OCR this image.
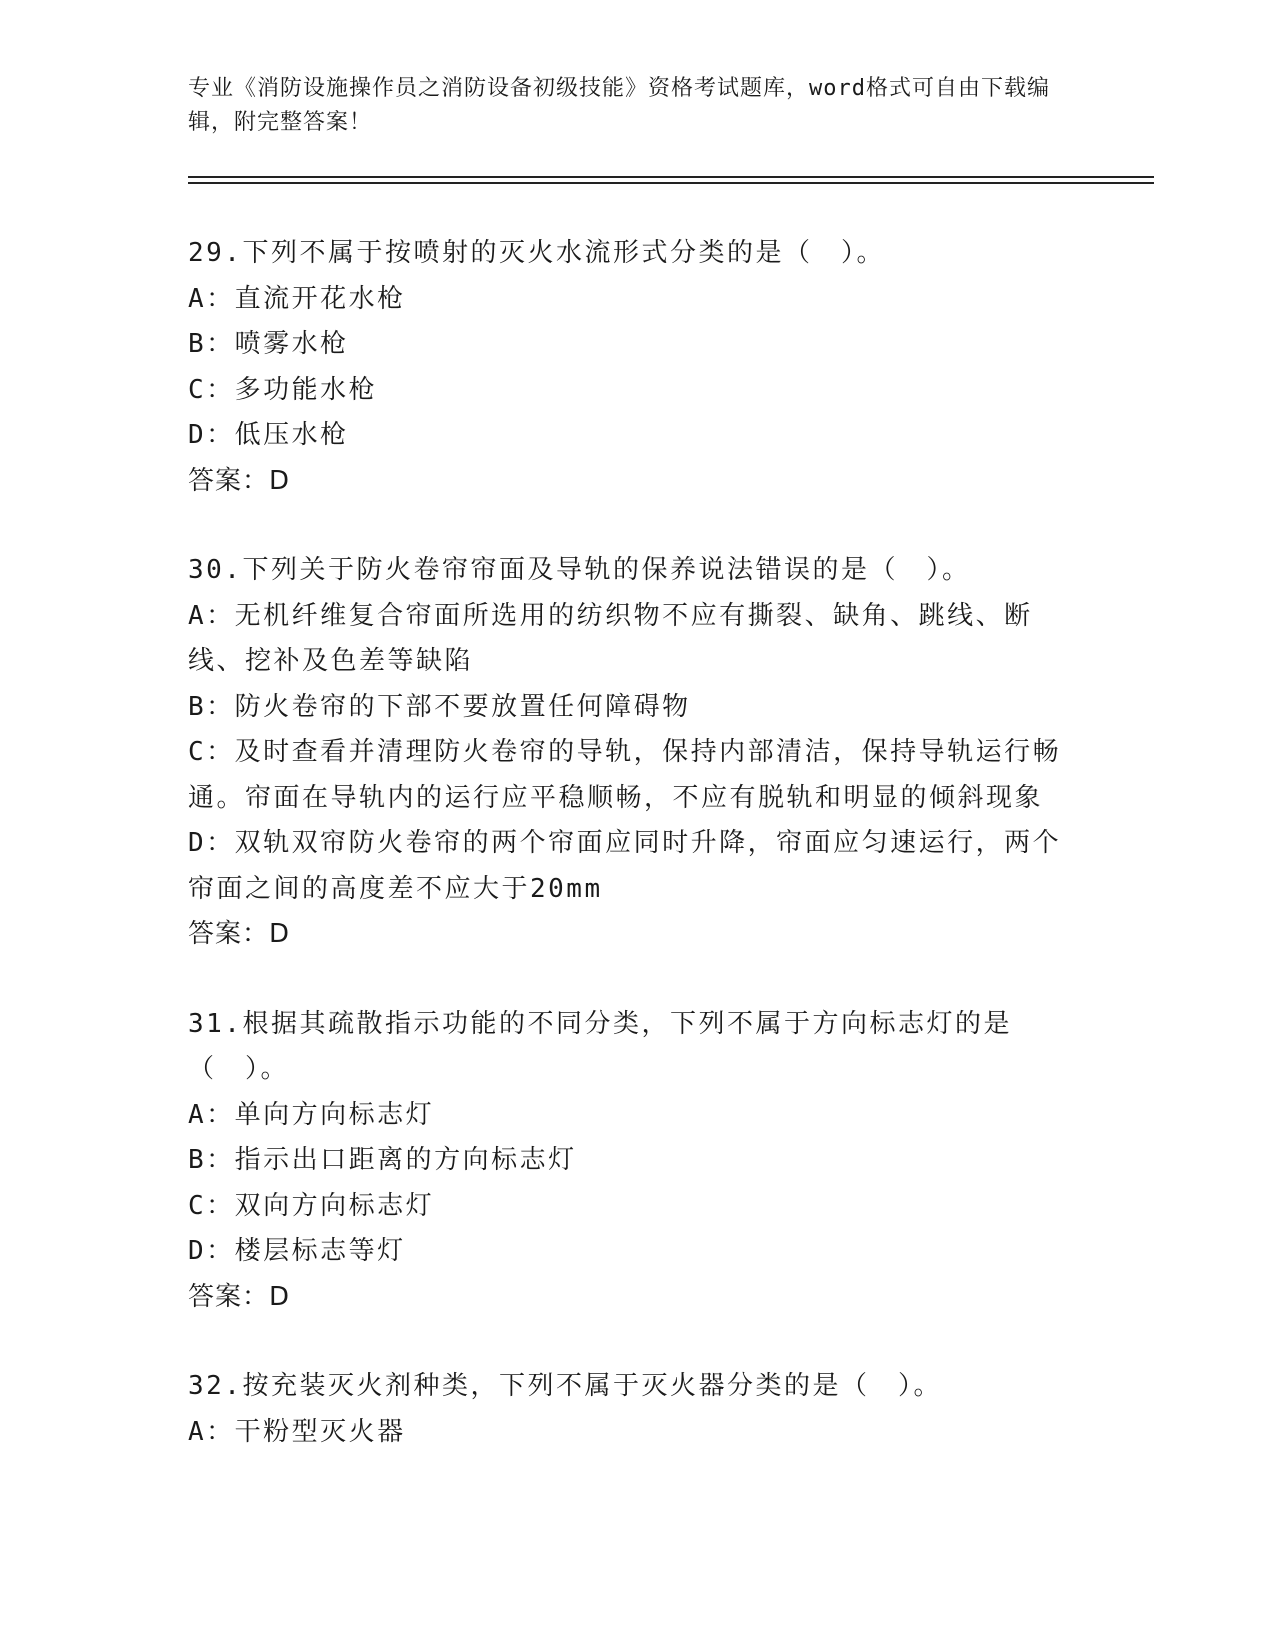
专业《消防设施操作员之消防设备初级技能》资格考试题库，word格式可自由下载编辑，附完整答案！
29.下列不属于按喷射的灭火水流形式分类的是（　）。
A：直流开花水枪
B：喷雾水枪
C：多功能水枪
D：低压水枪
答案：D
30.下列关于防火卷帘帘面及导轨的保养说法错误的是（　）。
A：无机纤维复合帘面所选用的纺织物不应有撕裂、缺角、跳线、断线、挖补及色差等缺陷
B：防火卷帘的下部不要放置任何障碍物
C：及时查看并清理防火卷帘的导轨，保持内部清洁，保持导轨运行畅通。帘面在导轨内的运行应平稳顺畅，不应有脱轨和明显的倾斜现象
D：双轨双帘防火卷帘的两个帘面应同时升降，帘面应匀速运行，两个帘面之间的高度差不应大于20mm
答案：D
31.根据其疏散指示功能的不同分类，下列不属于方向标志灯的是（　）。
A：单向方向标志灯
B：指示出口距离的方向标志灯
C：双向方向标志灯
D：楼层标志等灯
答案：D
32.按充装灭火剂种类，下列不属于灭火器分类的是（　）。
A：干粉型灭火器
